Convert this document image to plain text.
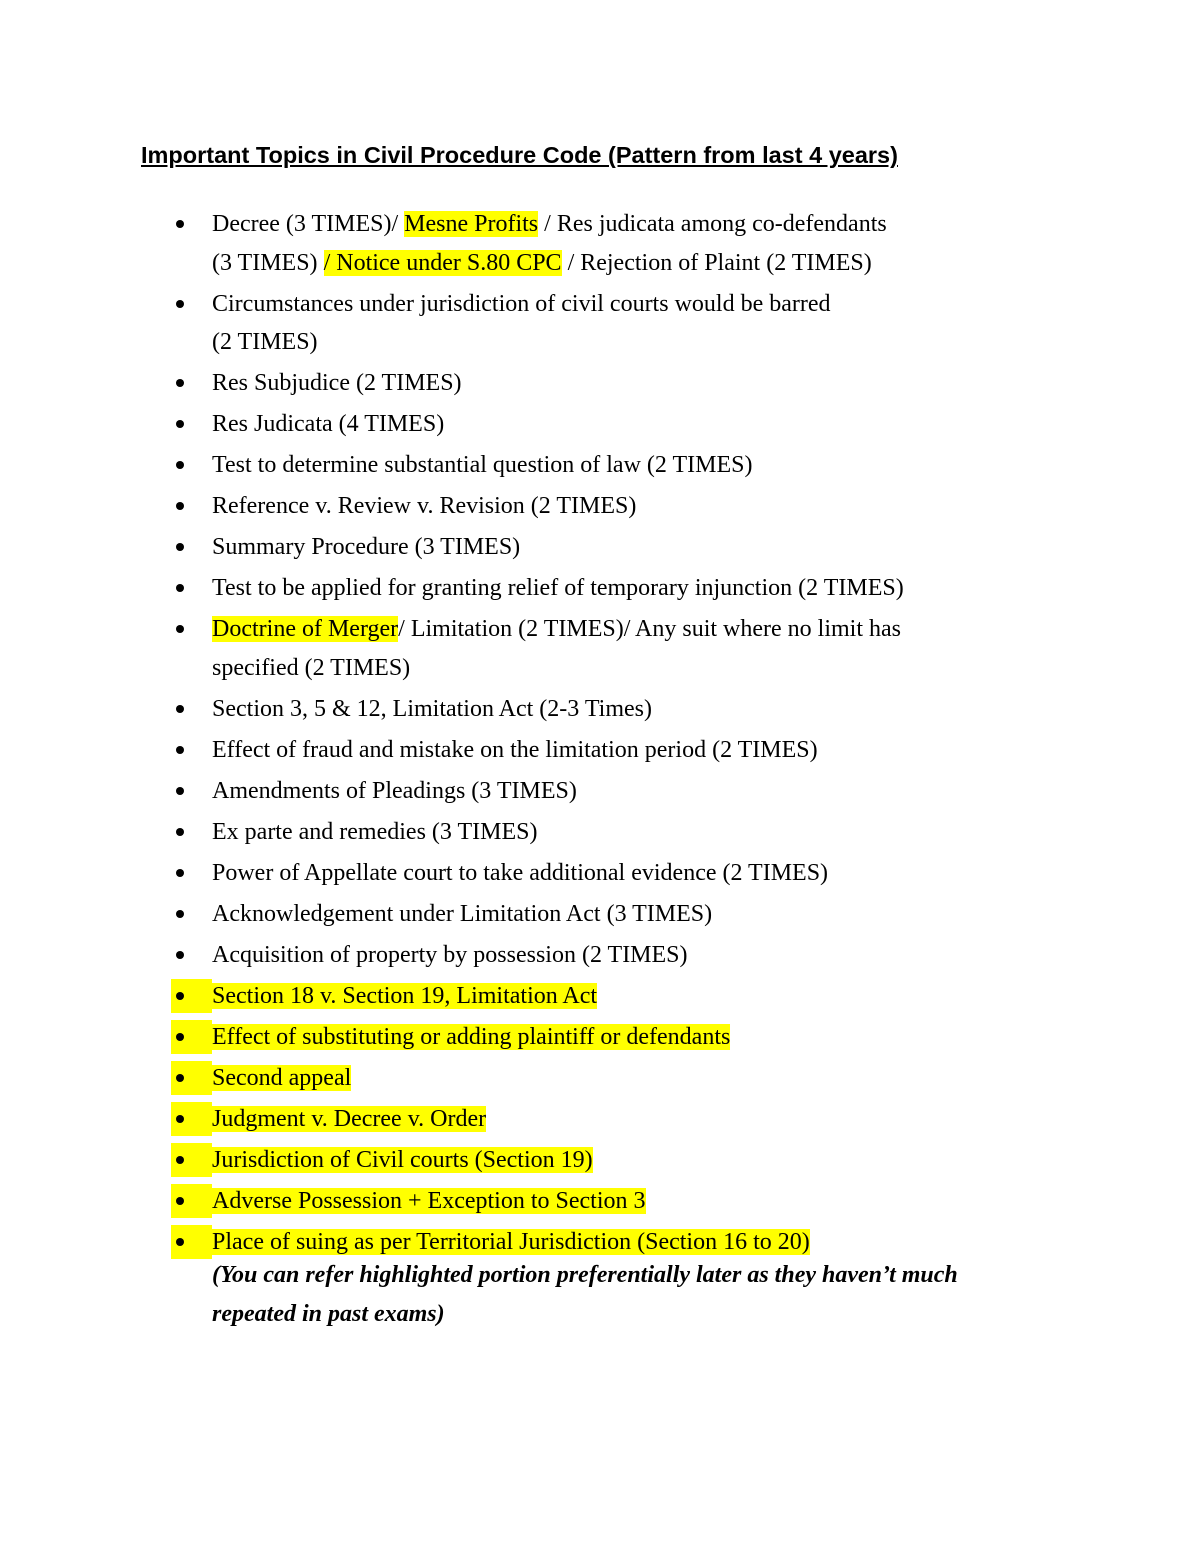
Important Topics in Civil Procedure Code (Pattern from last 4 years)
Decree (3 TIMES)/ Mesne Profits / Res judicata among co-defendants
(3 TIMES) / Notice under S.80 CPC / Rejection of Plaint (2 TIMES)
Circumstances under jurisdiction of civil courts would be barred
(2 TIMES)
Res Subjudice (2 TIMES)
Res Judicata (4 TIMES)
Test to determine substantial question of law (2 TIMES)
Reference v. Review v. Revision (2 TIMES)
Summary Procedure (3 TIMES)
Test to be applied for granting relief of temporary injunction (2 TIMES)
Doctrine of Merger/ Limitation (2 TIMES)/ Any suit where no limit has
specified (2 TIMES)
Section 3, 5 & 12, Limitation Act (2-3 Times)
Effect of fraud and mistake on the limitation period (2 TIMES)
Amendments of Pleadings (3 TIMES)
Ex parte and remedies (3 TIMES)
Power of Appellate court to take additional evidence (2 TIMES)
Acknowledgement under Limitation Act (3 TIMES)
Acquisition of property by possession (2 TIMES)
Section 18 v. Section 19, Limitation Act
Effect of substituting or adding plaintiff or defendants
Second appeal
Judgment v. Decree v. Order
Jurisdiction of Civil courts (Section 19)
Adverse Possession + Exception to Section 3
Place of suing as per Territorial Jurisdiction (Section 16 to 20)
(You can refer highlighted portion preferentially later as they haven’t much
repeated in past exams)
